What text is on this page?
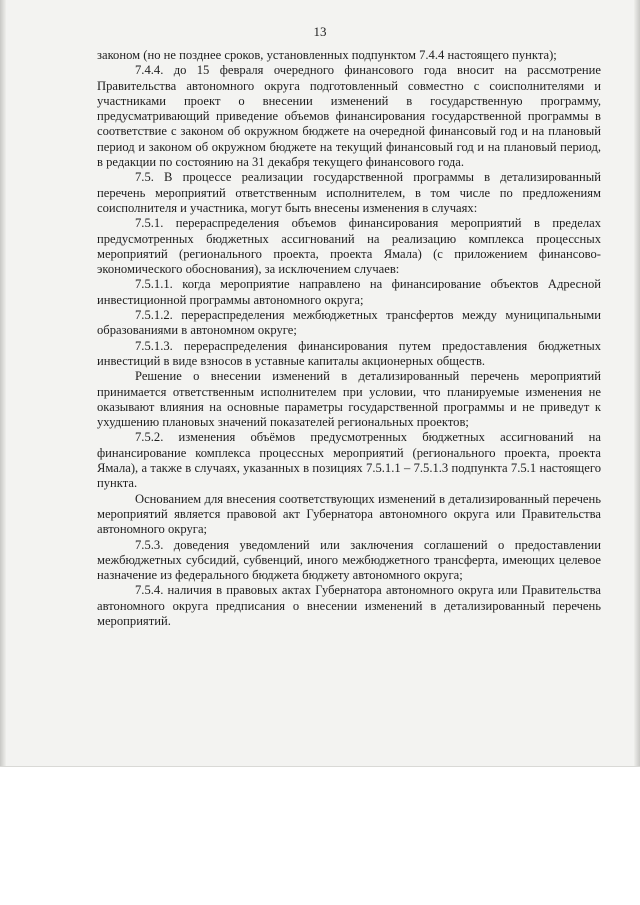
13

законом (но не позднее сроков, установленных подпунктом 7.4.4 настоящего пункта);

7.4.4. до 15 февраля очередного финансового года вносит на рассмотрение Правительства автономного округа подготовленный совместно с соисполнителями и участниками проект о внесении изменений в государственную программу, предусматривающий приведение объемов финансирования государственной программы в соответствие с законом об окружном бюджете на очередной финансовый год и на плановый период и законом об окружном бюджете на текущий финансовый год и на плановый период, в редакции по состоянию на 31 декабря текущего финансового года.

7.5. В процессе реализации государственной программы в детализированный перечень мероприятий ответственным исполнителем, в том числе по предложениям соисполнителя и участника, могут быть внесены изменения в случаях:

7.5.1. перераспределения объемов финансирования мероприятий в пределах предусмотренных бюджетных ассигнований на реализацию комплекса процессных мероприятий (регионального проекта, проекта Ямала) (с приложением финансово-экономического обоснования), за исключением случаев:

7.5.1.1. когда мероприятие направлено на финансирование объектов Адресной инвестиционной программы автономного округа;

7.5.1.2. перераспределения межбюджетных трансфертов между муниципальными образованиями в автономном округе;

7.5.1.3. перераспределения финансирования путем предоставления бюджетных инвестиций в виде взносов в уставные капиталы акционерных обществ.

Решение о внесении изменений в детализированный перечень мероприятий принимается ответственным исполнителем при условии, что планируемые изменения не оказывают влияния на основные параметры государственной программы и не приведут к ухудшению плановых значений показателей региональных проектов;

7.5.2. изменения объёмов предусмотренных бюджетных ассигнований на финансирование комплекса процессных мероприятий (регионального проекта, проекта Ямала), а также в случаях, указанных в позициях 7.5.1.1 – 7.5.1.3 подпункта 7.5.1 настоящего пункта.

Основанием для внесения соответствующих изменений в детализированный перечень мероприятий является правовой акт Губернатора автономного округа или Правительства автономного округа;

7.5.3. доведения уведомлений или заключения соглашений о предоставлении межбюджетных субсидий, субвенций, иного межбюджетного трансферта, имеющих целевое назначение из федерального бюджета бюджету автономного округа;

7.5.4. наличия в правовых актах Губернатора автономного округа или Правительства автономного округа предписания о внесении изменений в детализированный перечень мероприятий.
